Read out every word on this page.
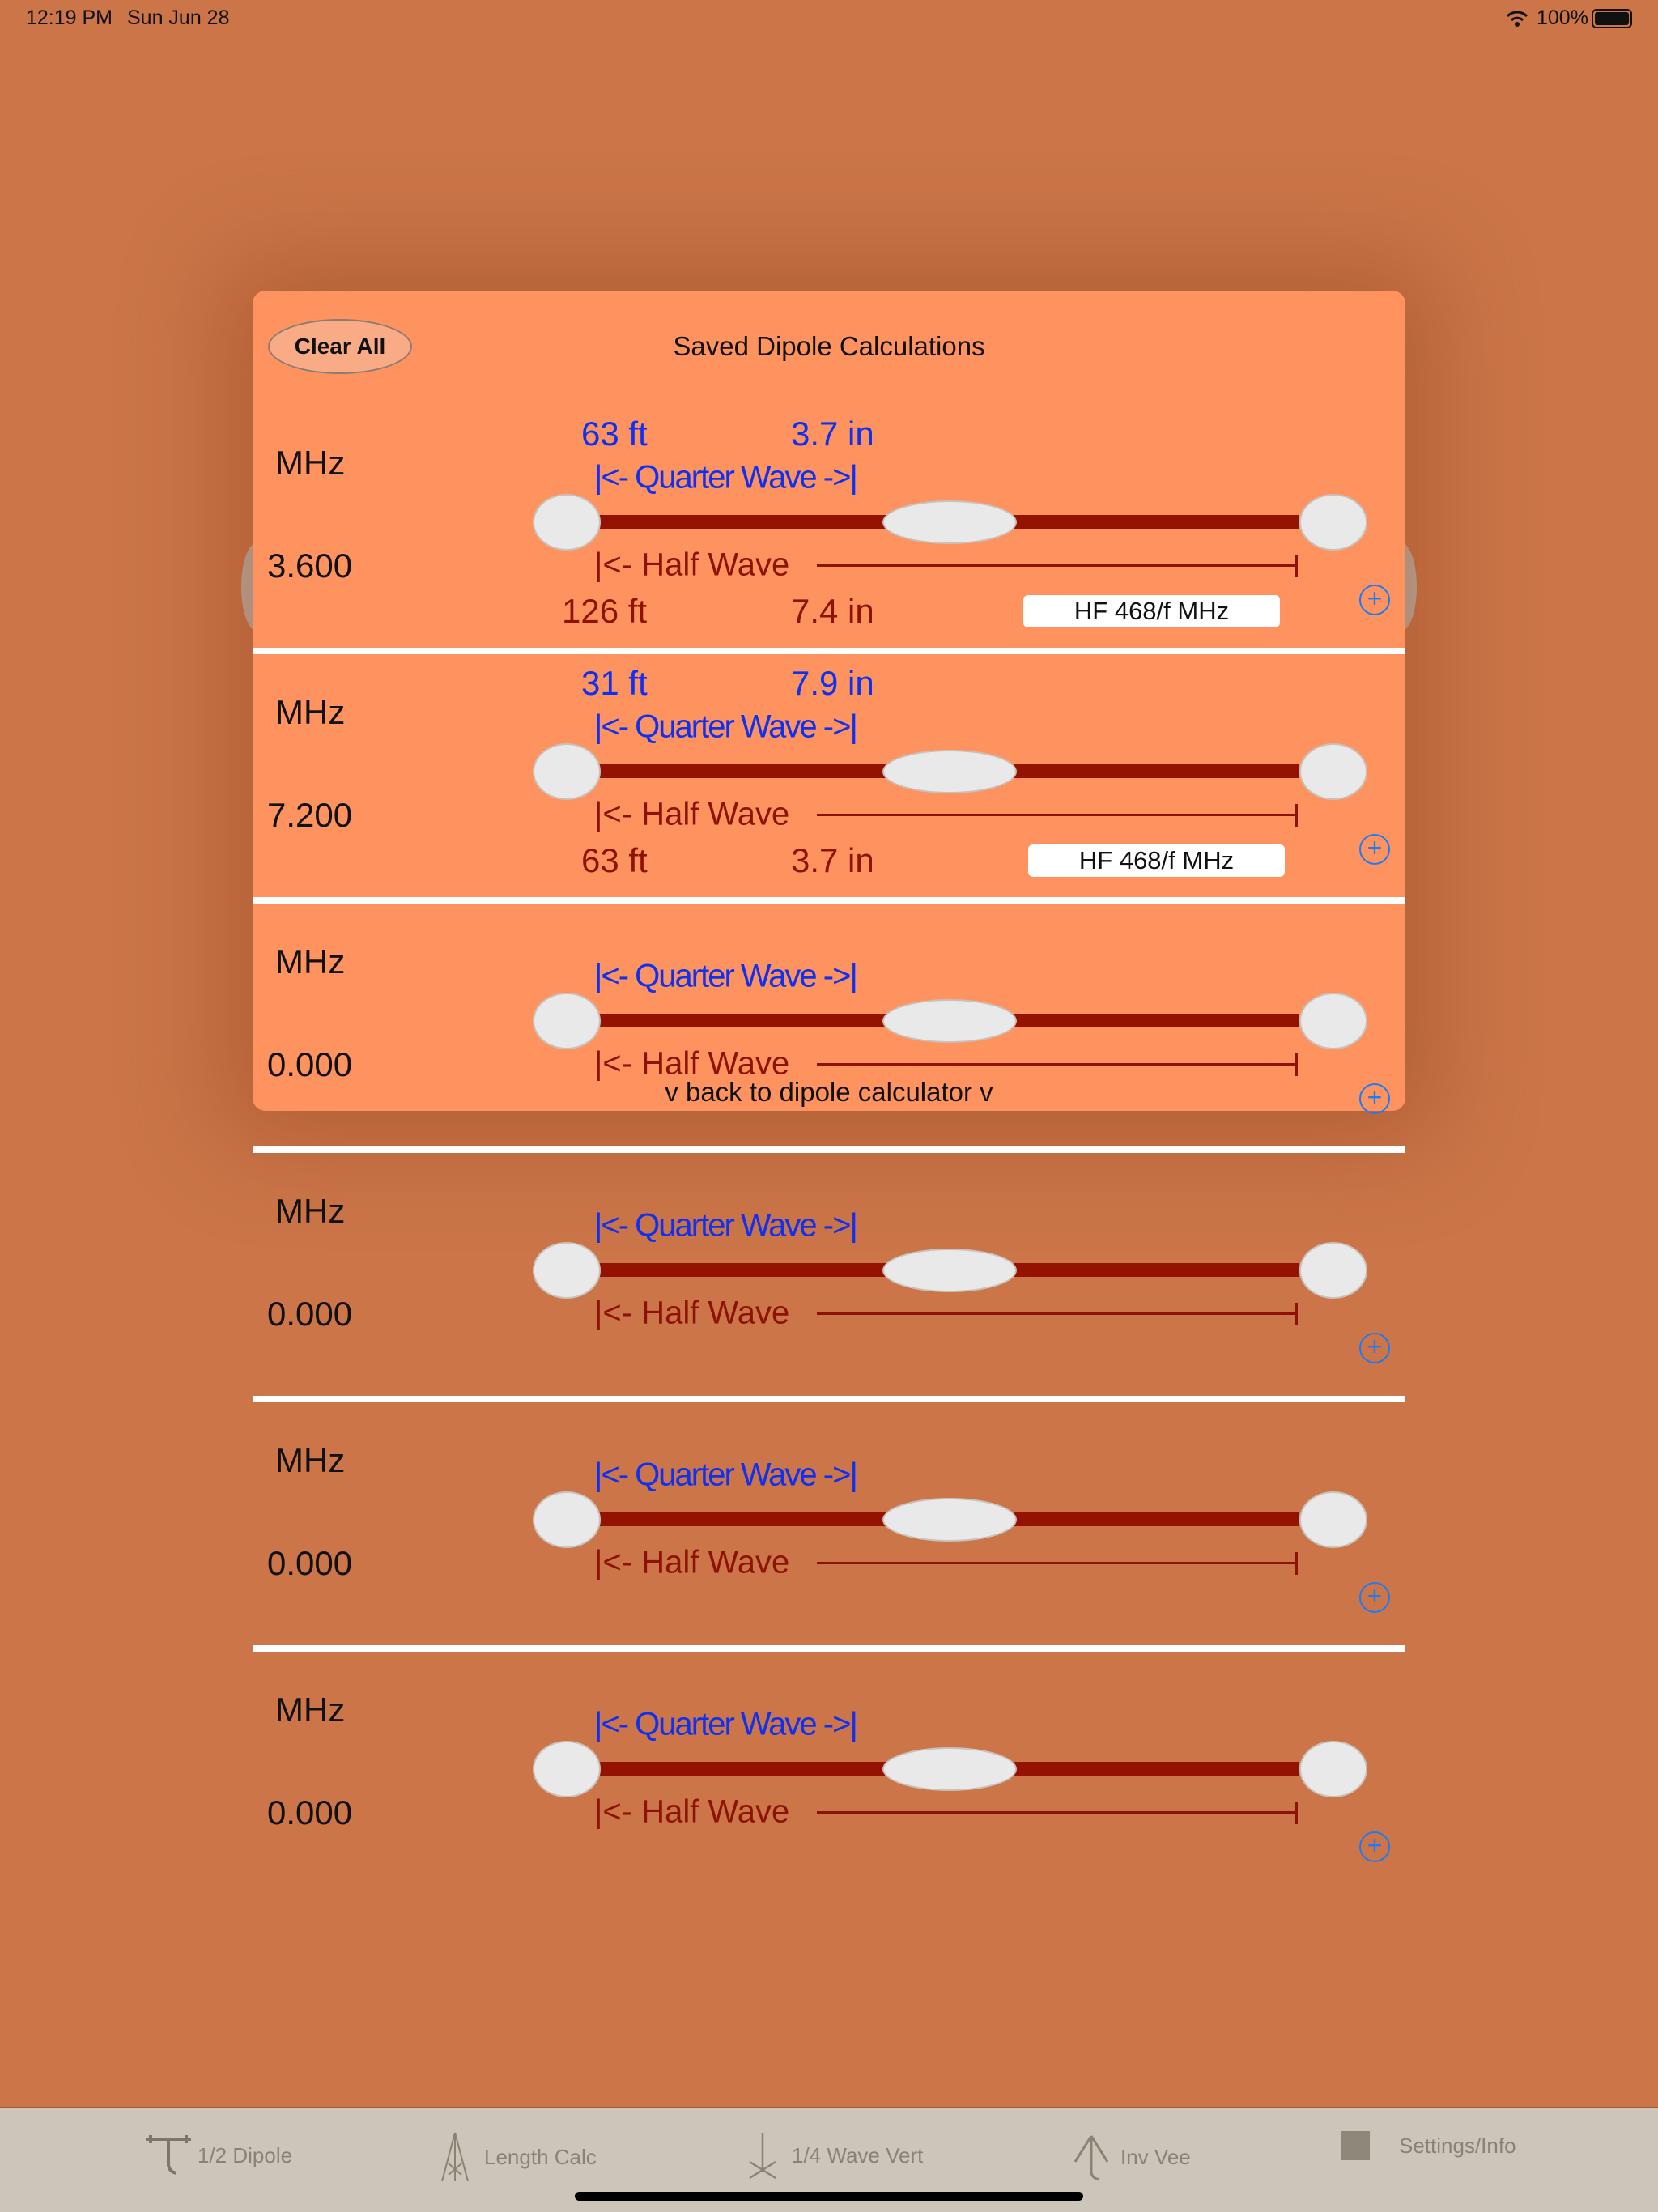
12:19 PM Sun Jun 28	100%
Clear All	Saved Dipole Calculations
MHz
3.600
63 ft	3.7 in
126 ft	7.4 in	HF 468/f MHz
|<- Quarter Wave ->|
|<- Half Wave
+
MHz
7.200
31 ft	7.9 in
63 ft	3.7 in	HF 468/f MHz
|<- Quarter Wave ->|
|<- Half Wave
+
MHz
0.000
|<- Quarter Wave ->|
|<- Half Wave
+
MHz
0.000
|<- Quarter Wave ->|
|<- Half Wave
+
MHz
0.000
|<- Quarter Wave ->|
|<- Half Wave
+
MHz
0.000
|<- Quarter Wave ->|
|<- Half Wave
+
v back to dipole calculator v
1/2 Dipole	Length Calc	1/4 Wave Vert	Inv Vee	Settings/Info
